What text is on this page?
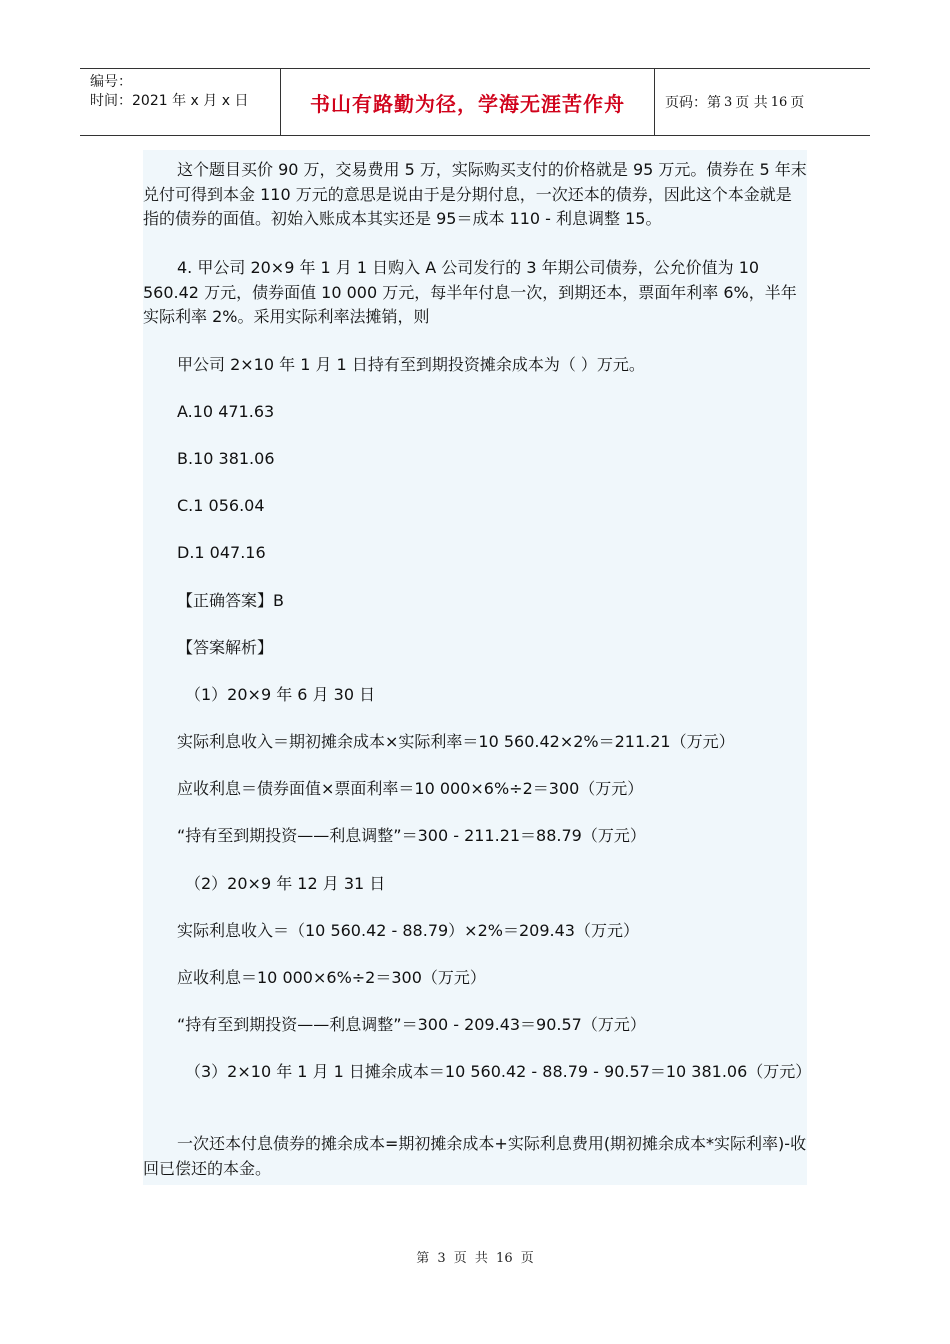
编号：
时间：2021 年 x 月 x 日	书山有路勤为径，学海无涯苦作舟	页码：第 3 页 共 16 页

这个题目买价 90 万，交易费用 5 万，实际购买支付的价格就是 95 万元。债券在 5 年末兑付可得到本金 110 万元的意思是说由于是分期付息，一次还本的债券，因此这个本金就是指的债券的面值。初始入账成本其实还是 95＝成本 110 - 利息调整 15。

4. 甲公司 20×9 年 1 月 1 日购入 A 公司发行的 3 年期公司债券，公允价值为 10 560.42 万元，债券面值 10 000 万元，每半年付息一次，到期还本，票面年利率 6%，半年实际利率 2%。采用实际利率法摊销，则

甲公司 2×10 年 1 月 1 日持有至到期投资摊余成本为（ ）万元。

A.10 471.63

B.10 381.06

C.1 056.04

D.1 047.16

【正确答案】B

【答案解析】

（1）20×9 年 6 月 30 日

实际利息收入＝期初摊余成本×实际利率＝10 560.42×2%＝211.21（万元）

应收利息＝债券面值×票面利率＝10 000×6%÷2＝300（万元）

“持有至到期投资——利息调整”＝300 - 211.21＝88.79（万元）

（2）20×9 年 12 月 31 日

实际利息收入＝（10 560.42 - 88.79）×2%＝209.43（万元）

应收利息＝10 000×6%÷2＝300（万元）

“持有至到期投资——利息调整”＝300 - 209.43＝90.57（万元）

（3）2×10 年 1 月 1 日摊余成本＝10 560.42 - 88.79 - 90.57＝10 381.06（万元）

一次还本付息债券的摊余成本=期初摊余成本+实际利息费用(期初摊余成本*实际利率)-收回已偿还的本金。

第 3 页 共 16 页
